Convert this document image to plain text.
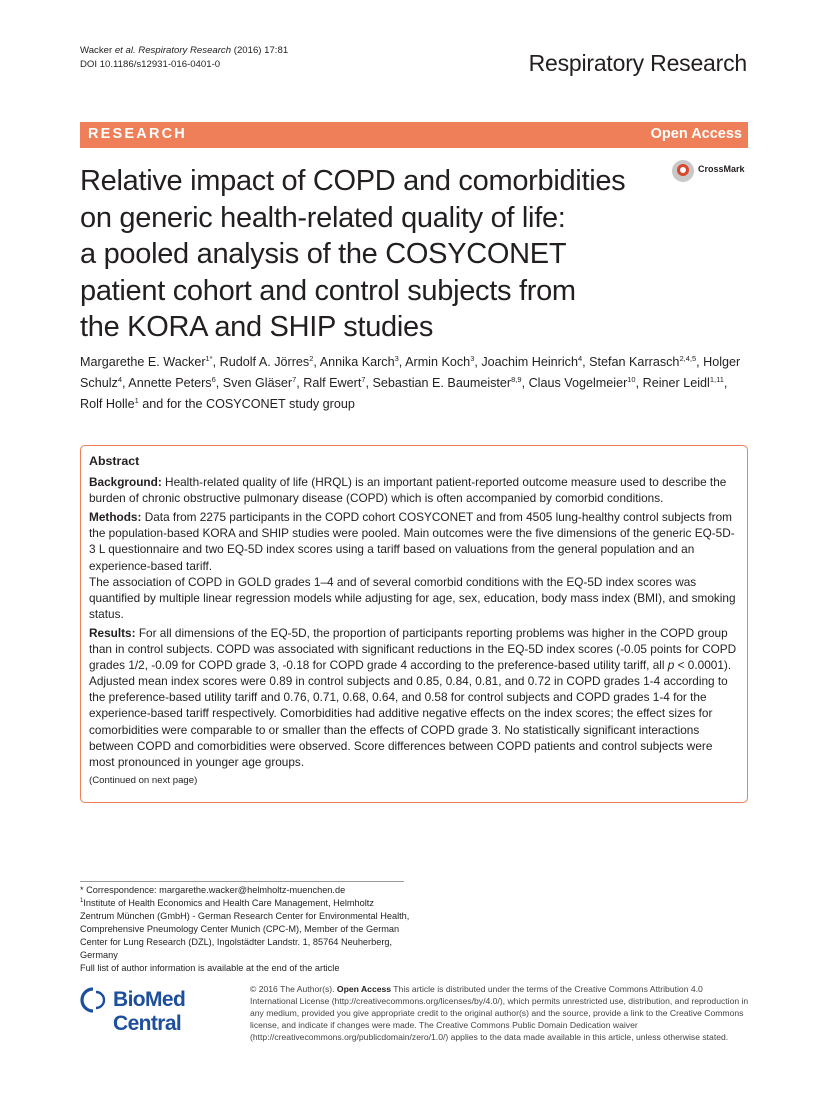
Wacker et al. Respiratory Research (2016) 17:81
DOI 10.1186/s12931-016-0401-0	Respiratory Research
RESEARCH	Open Access
Relative impact of COPD and comorbidities
on generic health-related quality of life:
a pooled analysis of the COSYCONET
patient cohort and control subjects from
the KORA and SHIP studies
CrossMark
Margarethe E. Wacker$^{1*}$, Rudolf A. Jörres$^2$, Annika Karch$^3$, Armin Koch$^3$, Joachim Heinrich$^4$, Stefan Karrasch$^{2,4,5}$, Holger Schulz$^4$, Annette Peters$^6$, Sven Gläser$^7$, Ralf Ewert$^7$, Sebastian E. Baumeister$^{8,9}$, Claus Vogelmeier$^{10}$, Reiner Leidl$^{1,11}$, Rolf Holle$^1$ and for the COSYCONET study group
Abstract

Background: Health-related quality of life (HRQL) is an important patient-reported outcome measure used to describe the burden of chronic obstructive pulmonary disease (COPD) which is often accompanied by comorbid conditions.

Methods: Data from 2275 participants in the COPD cohort COSYCONET and from 4505 lung-healthy control subjects from the population-based KORA and SHIP studies were pooled. Main outcomes were the five dimensions of the generic EQ-5D-3 L questionnaire and two EQ-5D index scores using a tariff based on valuations from the general population and an experience-based tariff.
The association of COPD in GOLD grades 1–4 and of several comorbid conditions with the EQ-5D index scores was quantified by multiple linear regression models while adjusting for age, sex, education, body mass index (BMI), and smoking status.

Results: For all dimensions of the EQ-5D, the proportion of participants reporting problems was higher in the COPD group than in control subjects. COPD was associated with significant reductions in the EQ-5D index scores (-0.05 points for COPD grades 1/2, -0.09 for COPD grade 3, -0.18 for COPD grade 4 according to the preference-based utility tariff, all p < 0.0001). Adjusted mean index scores were 0.89 in control subjects and 0.85, 0.84, 0.81, and 0.72 in COPD grades 1-4 according to the preference-based utility tariff and 0.76, 0.71, 0.68, 0.64, and 0.58 for control subjects and COPD grades 1-4 for the experience-based tariff respectively. Comorbidities had additive negative effects on the index scores; the effect sizes for comorbidities were comparable to or smaller than the effects of COPD grade 3. No statistically significant interactions between COPD and comorbidities were observed. Score differences between COPD patients and control subjects were most pronounced in younger age groups.

(Continued on next page)
* Correspondence: margarethe.wacker@helmholtz-muenchen.de
$^1$Institute of Health Economics and Health Care Management, Helmholtz Zentrum München (GmbH) - German Research Center for Environmental Health, Comprehensive Pneumology Center Munich (CPC-M), Member of the German Center for Lung Research (DZL), Ingolstädter Landstr. 1, 85764 Neuherberg, Germany
Full list of author information is available at the end of the article
BioMed Central
© 2016 The Author(s). Open Access This article is distributed under the terms of the Creative Commons Attribution 4.0 International License (http://creativecommons.org/licenses/by/4.0/), which permits unrestricted use, distribution, and reproduction in any medium, provided you give appropriate credit to the original author(s) and the source, provide a link to the Creative Commons license, and indicate if changes were made. The Creative Commons Public Domain Dedication waiver (http://creativecommons.org/publicdomain/zero/1.0/) applies to the data made available in this article, unless otherwise stated.
